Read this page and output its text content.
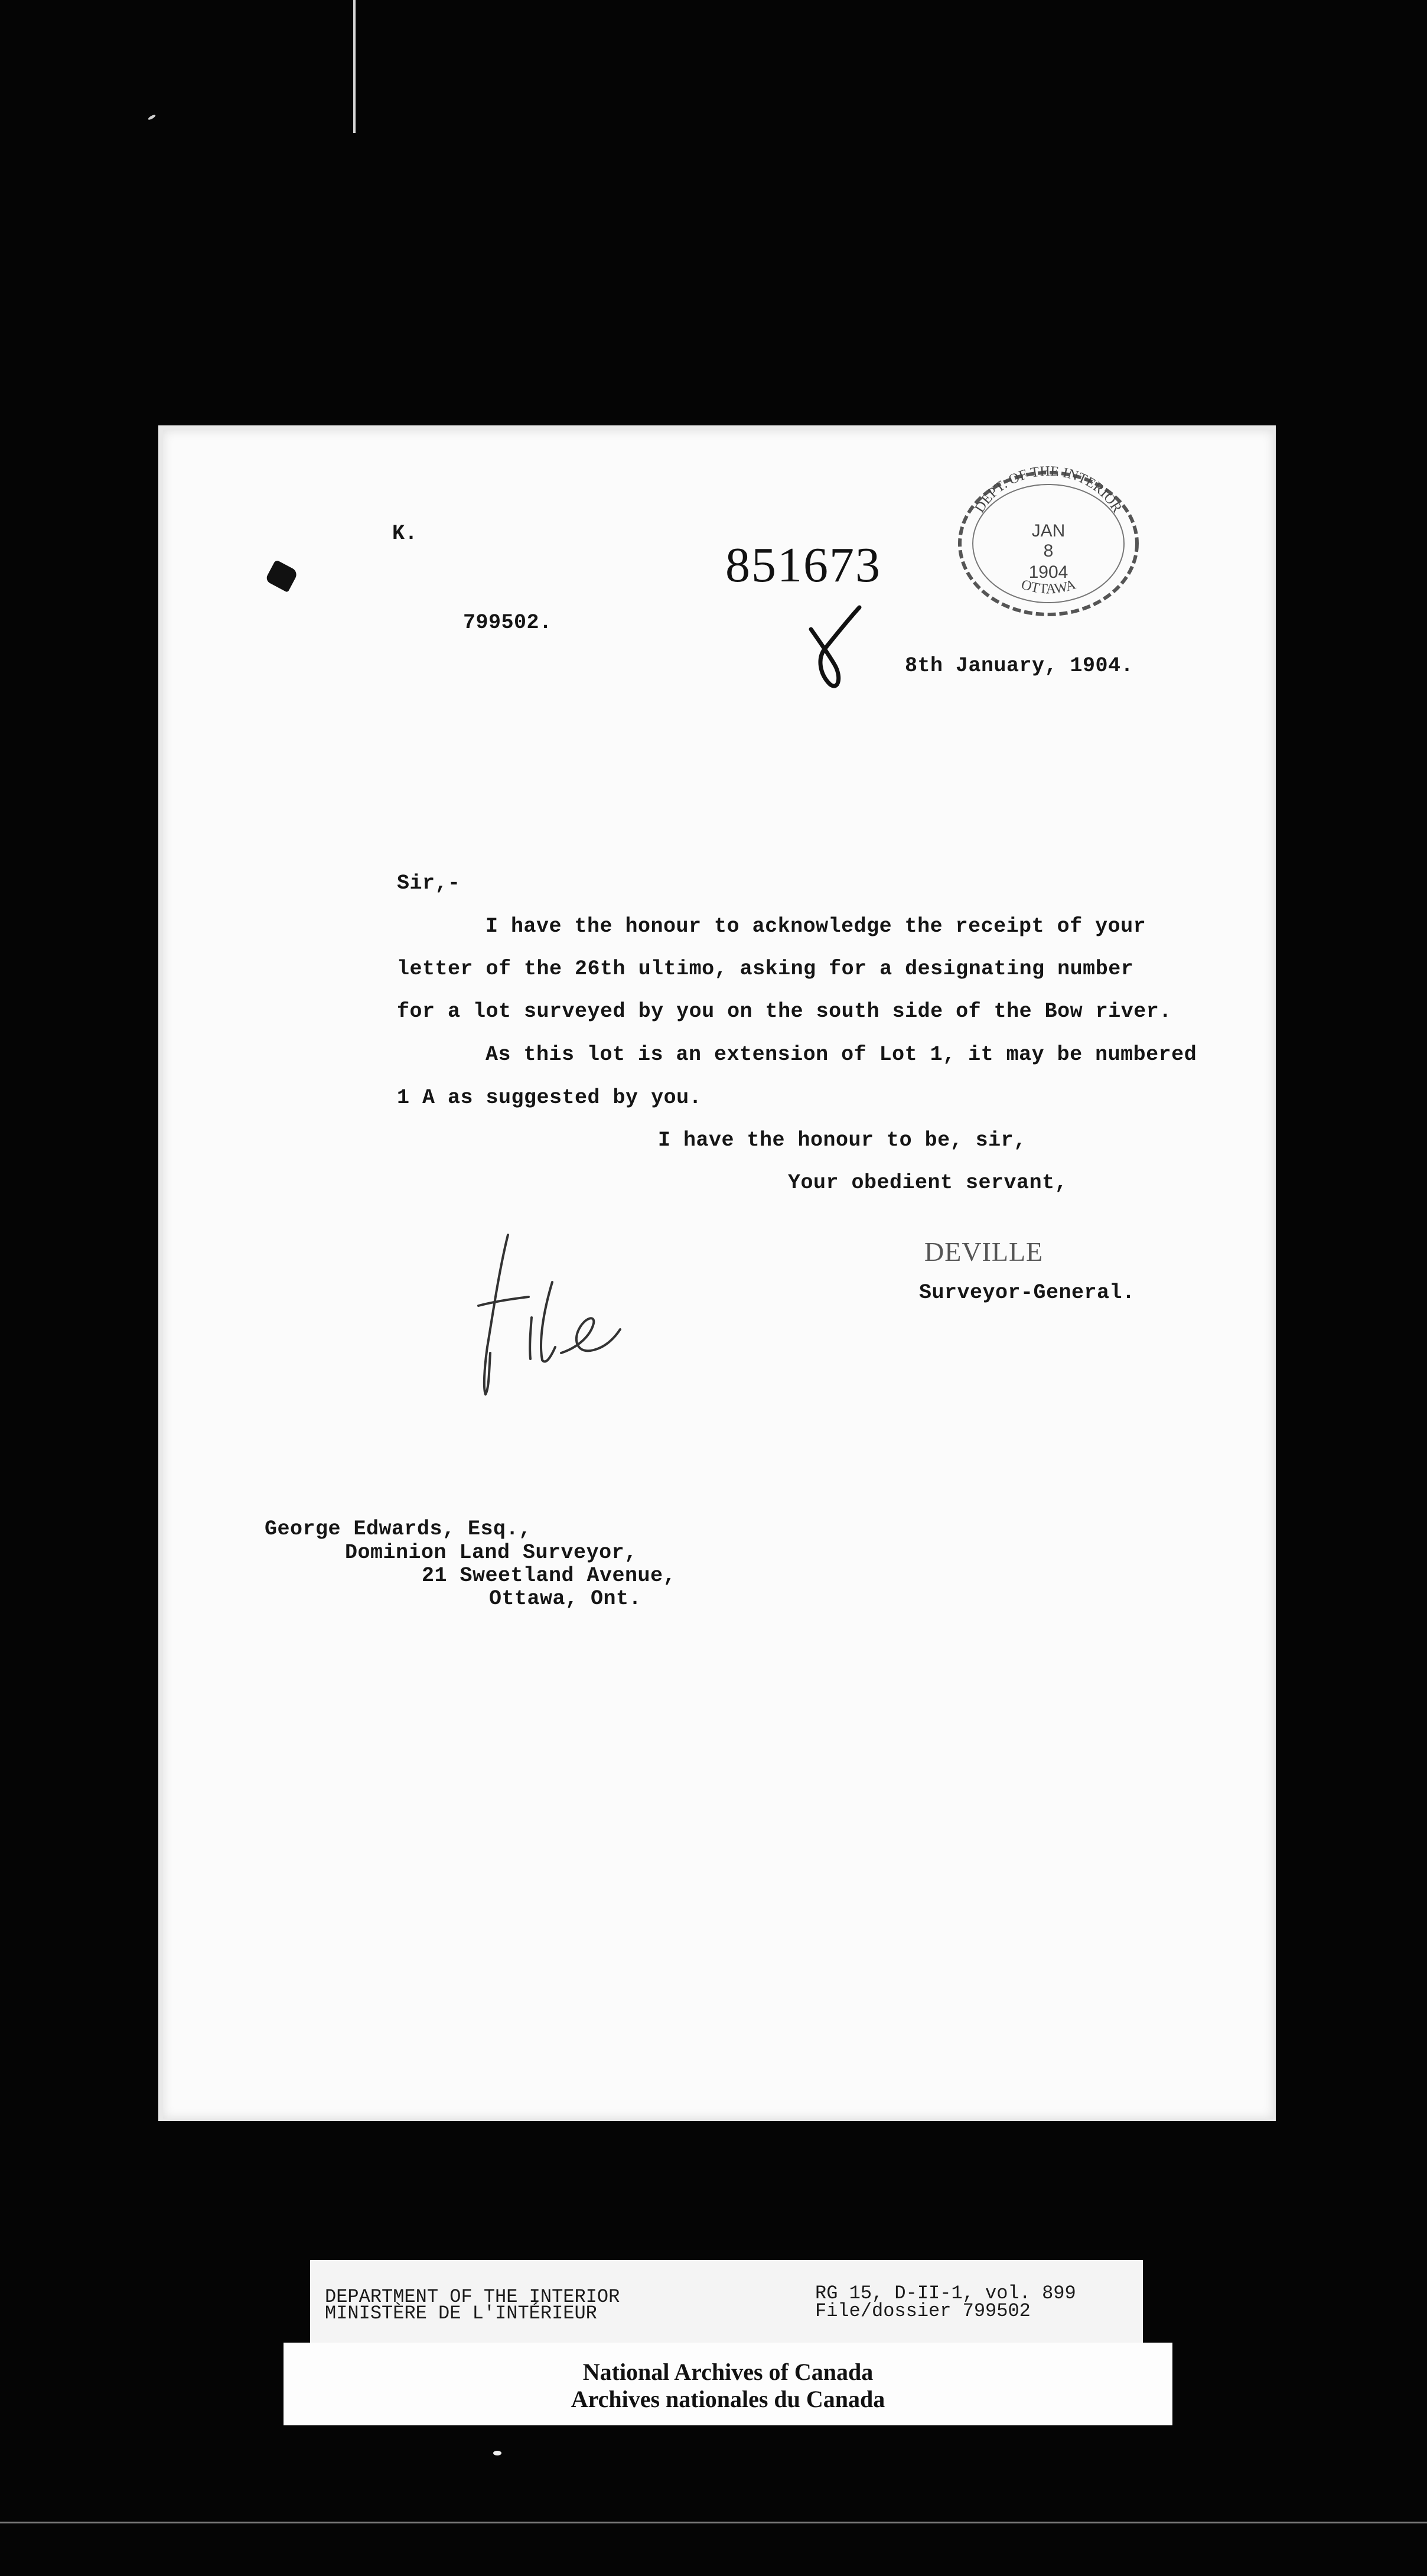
K.
799502.
851673
DEPT. OF THE INTERIOR
OTTAWA
JAN
8
1904
8th January, 1904.
Sir,-
I have the honour to acknowledge the receipt of your
letter of the 26th ultimo, asking for a designating number
for a lot surveyed by you on the south side of the Bow river.
As this lot is an extension of Lot 1, it may be numbered
1 A as suggested by you.
I have the honour to be, sir,
Your obedient servant,
DEVILLE
Surveyor-General.
George Edwards, Esq.,
Dominion Land Surveyor,
21 Sweetland Avenue,
Ottawa, Ont.
DEPARTMENT OF THE INTERIOR
MINISTÈRE DE L'INTÉRIEUR
RG 15, D-II-1, vol. 899
File/dossier 799502
National Archives of Canada
Archives nationales du Canada
